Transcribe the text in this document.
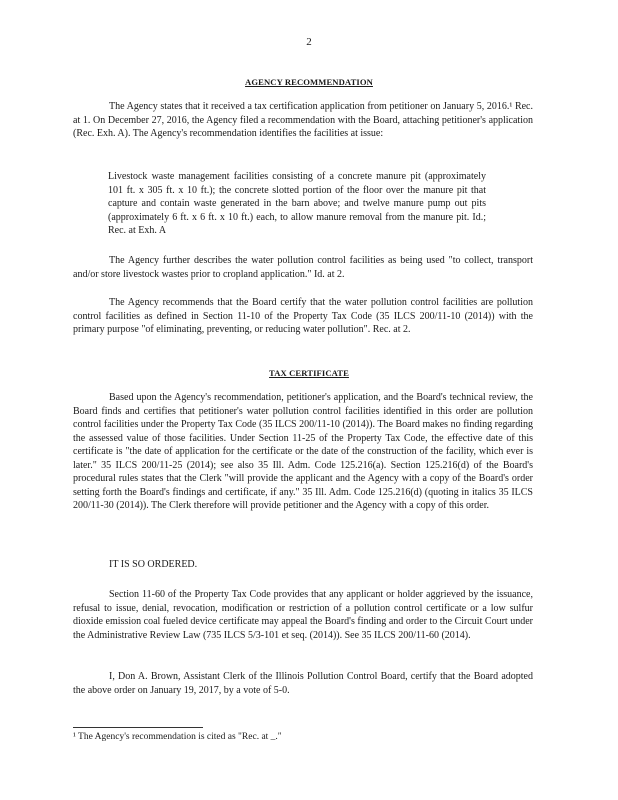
2
AGENCY RECOMMENDATION

The Agency states that it received a tax certification application from petitioner on January 5, 2016.¹ Rec. at 1. On December 27, 2016, the Agency filed a recommendation with the Board, attaching petitioner's application (Rec. Exh. A). The Agency's recommendation identifies the facilities at issue:

Livestock waste management facilities consisting of a concrete manure pit (approximately 101 ft. x 305 ft. x 10 ft.); the concrete slotted portion of the floor over the manure pit that capture and contain waste generated in the barn above; and twelve manure pump out pits (approximately 6 ft. x 6 ft. x 10 ft.) each, to allow manure removal from the manure pit. Id.; Rec. at Exh. A

The Agency further describes the water pollution control facilities as being used "to collect, transport and/or store livestock wastes prior to cropland application." Id. at 2.

The Agency recommends that the Board certify that the water pollution control facilities are pollution control facilities as defined in Section 11-10 of the Property Tax Code (35 ILCS 200/11-10 (2014)) with the primary purpose "of eliminating, preventing, or reducing water pollution". Rec. at 2.

TAX CERTIFICATE

Based upon the Agency's recommendation, petitioner's application, and the Board's technical review, the Board finds and certifies that petitioner's water pollution control facilities identified in this order are pollution control facilities under the Property Tax Code (35 ILCS 200/11-10 (2014)). The Board makes no finding regarding the assessed value of those facilities. Under Section 11-25 of the Property Tax Code, the effective date of this certificate is "the date of application for the certificate or the date of the construction of the facility, which ever is later." 35 ILCS 200/11-25 (2014); see also 35 Ill. Adm. Code 125.216(a). Section 125.216(d) of the Board's procedural rules states that the Clerk "will provide the applicant and the Agency with a copy of the Board's order setting forth the Board's findings and certificate, if any." 35 Ill. Adm. Code 125.216(d) (quoting in italics 35 ILCS 200/11-30 (2014)). The Clerk therefore will provide petitioner and the Agency with a copy of this order.

IT IS SO ORDERED.

Section 11-60 of the Property Tax Code provides that any applicant or holder aggrieved by the issuance, refusal to issue, denial, revocation, modification or restriction of a pollution control certificate or a low sulfur dioxide emission coal fueled device certificate may appeal the Board's finding and order to the Circuit Court under the Administrative Review Law (735 ILCS 5/3-101 et seq. (2014)). See 35 ILCS 200/11-60 (2014).

I, Don A. Brown, Assistant Clerk of the Illinois Pollution Control Board, certify that the Board adopted the above order on January 19, 2017, by a vote of 5-0.

¹ The Agency's recommendation is cited as "Rec. at _."
